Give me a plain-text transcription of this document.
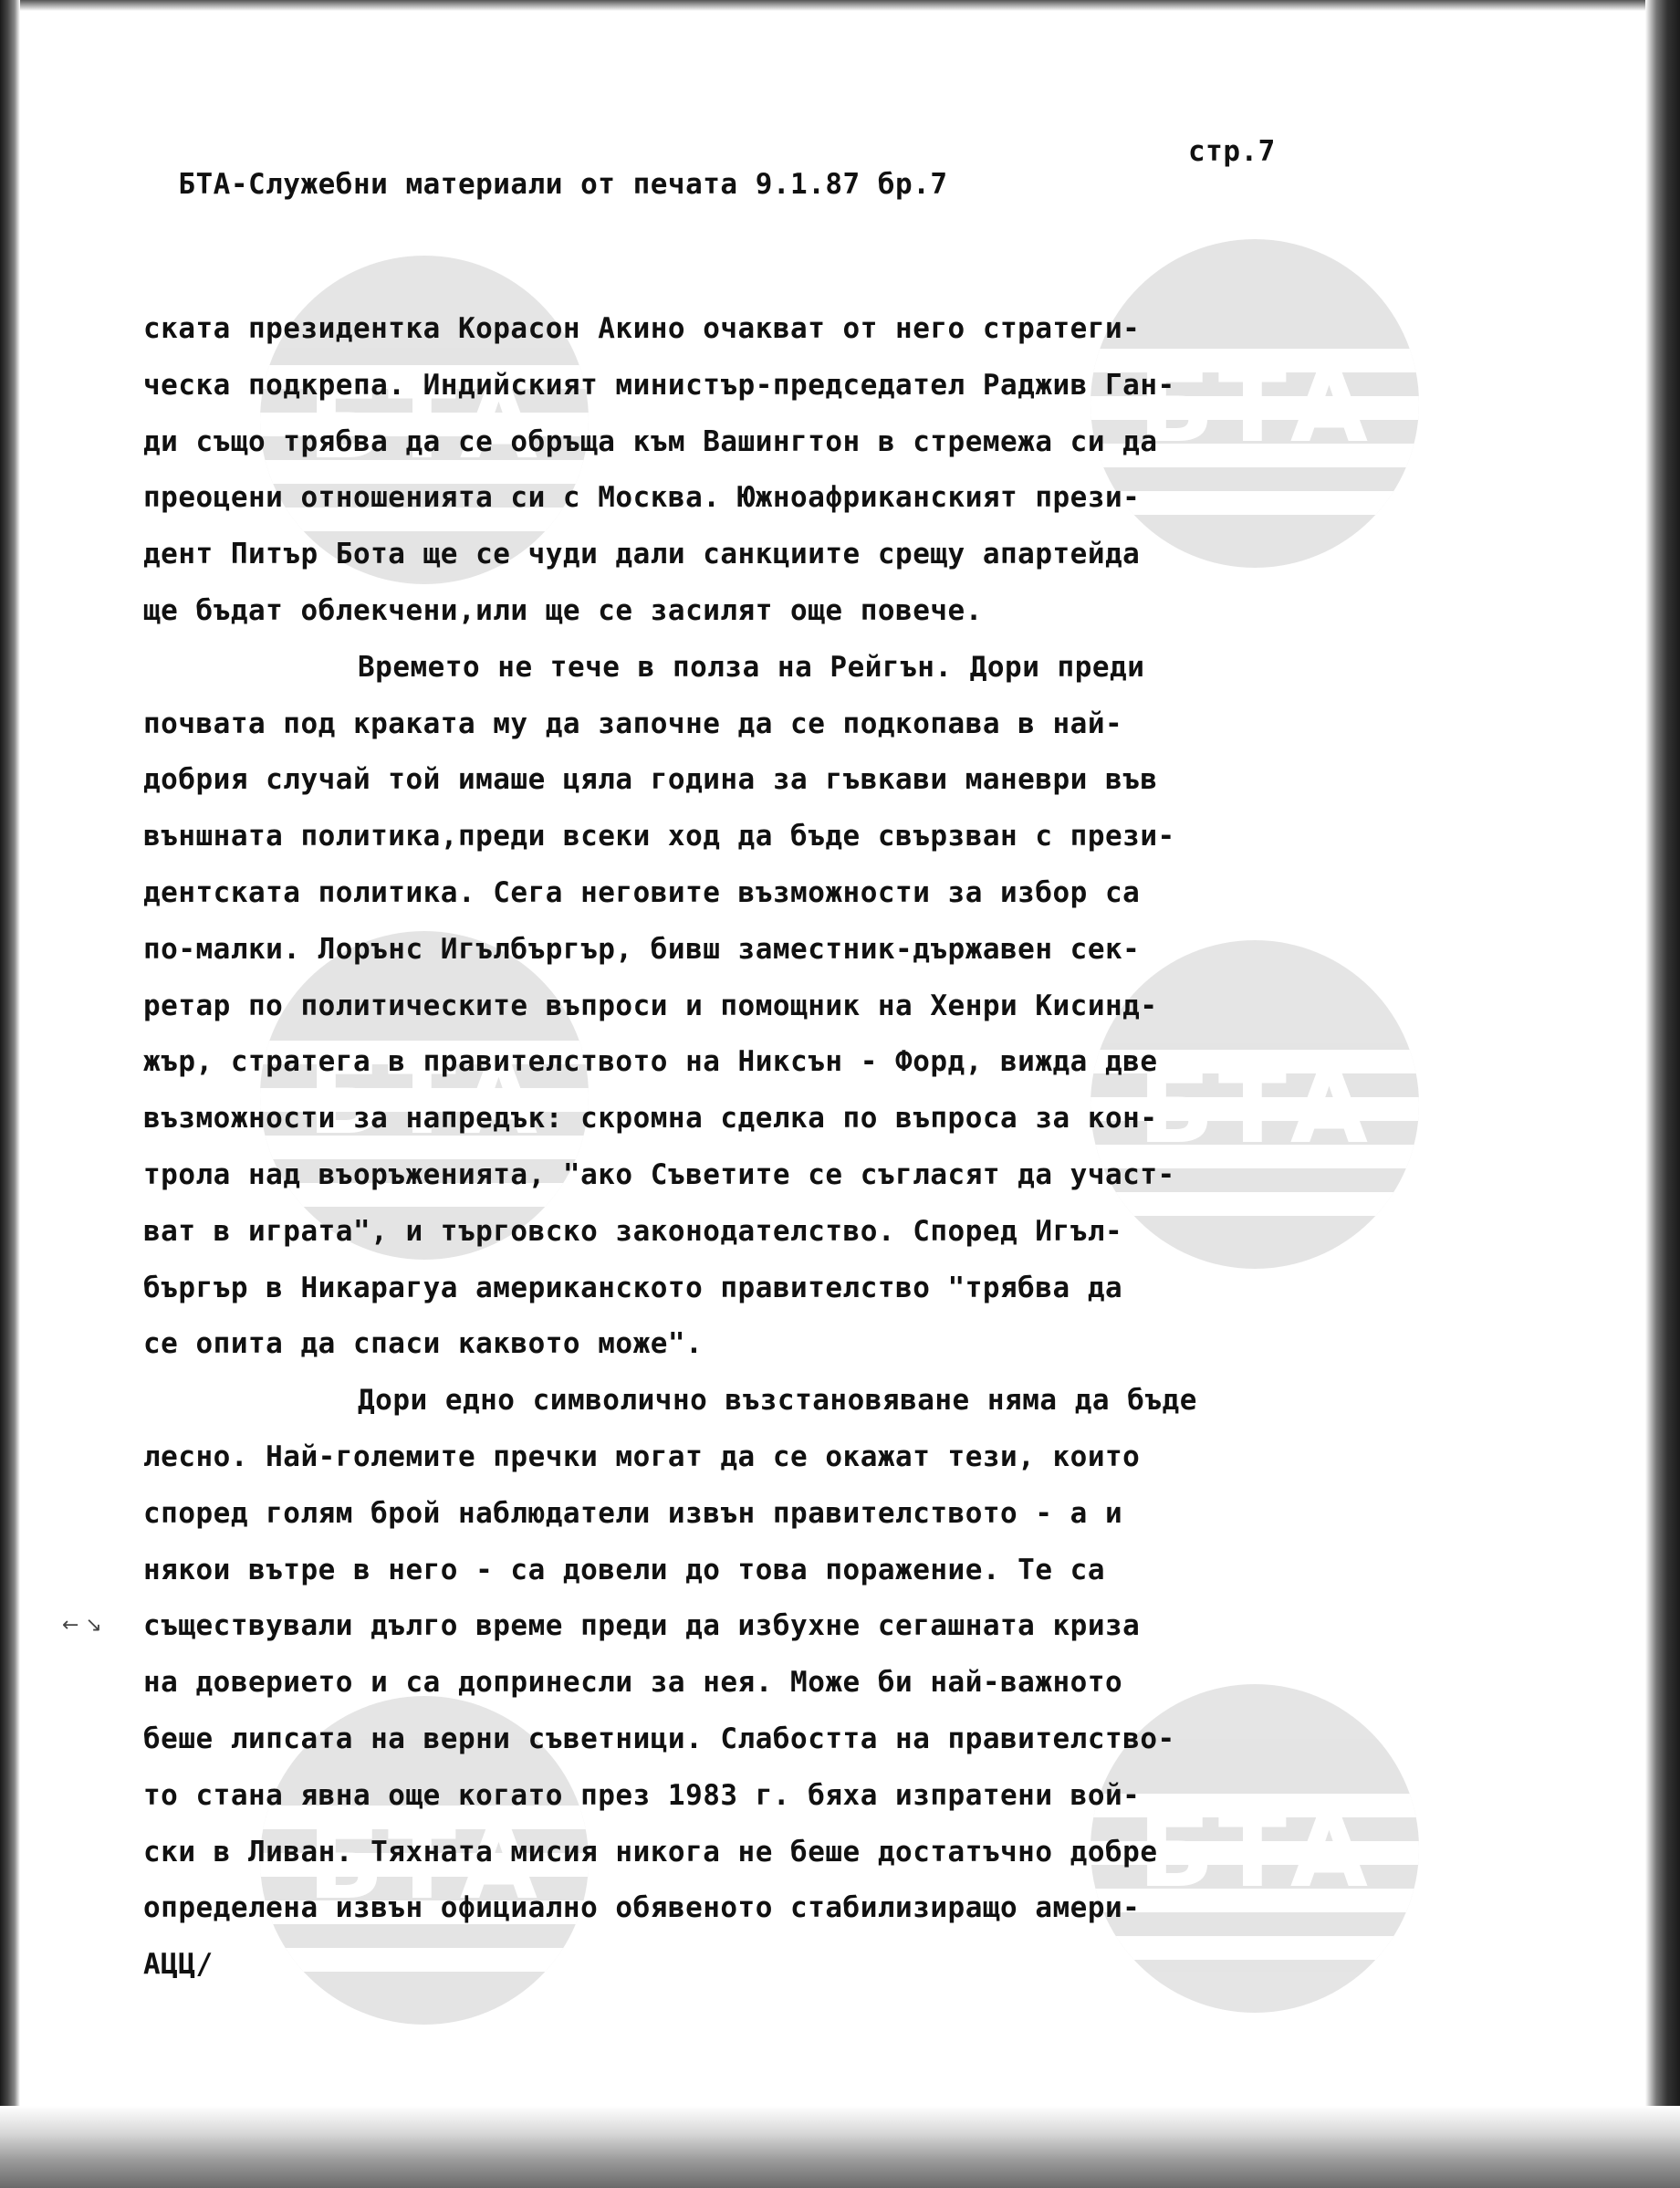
БТА	БТА
БТА	БТА
БТА	БТА

БТА-Служебни материали от печата 9.1.87 бр.7

стр.7

← ↘
ската президентка Корасон Акино очакват от него стратеги-
ческа подкрепа. Индийският министър-председател Раджив Ган-
ди също трябва да се обръща към Вашингтон в стремежа си да
преоцени отношенията си с Москва. Южноафриканският прези-
дент Питър Бота ще се чуди дали санкциите срещу апартейда
ще бъдат облекчени,или ще се засилят още повече.
Времето не тече в полза на Рейгън. Дори преди
почвата под краката му да започне да се подкопава в най-
добрия случай той имаше цяла година за гъвкави маневри във
външната политика,преди всеки ход да бъде свързван с прези-
дентската политика. Сега неговите възможности за избор са
по-малки. Лорънс Игълбъргър, бивш заместник-държавен сек-
ретар по политическите въпроси и помощник на Хенри Кисинд-
жър, стратега в правителството на Никсън - Форд, вижда две
възможности за напредък: скромна сделка по въпроса за кон-
трола над въоръженията, "ако Съветите се съгласят да участ-
ват в играта", и търговско законодателство. Според Игъл-
бъргър в Никарагуа американското правителство "трябва да
се опита да спаси каквото може".
Дори едно символично възстановяване няма да бъде
лесно. Най-големите пречки могат да се окажат тези, които
според голям брой наблюдатели извън правителството - а и
някои вътре в него - са довели до това поражение. Те са
съществували дълго време преди да избухне сегашната криза
на доверието и са допринесли за нея. Може би най-важното
беше липсата на верни съветници. Слабостта на правителство-
то стана явна още когато през 1983 г. бяха изпратени вой-
ски в Ливан. Тяхната мисия никога не беше достатъчно добре
определена извън официално обявеното стабилизиращо амери-
АЦЦ/
